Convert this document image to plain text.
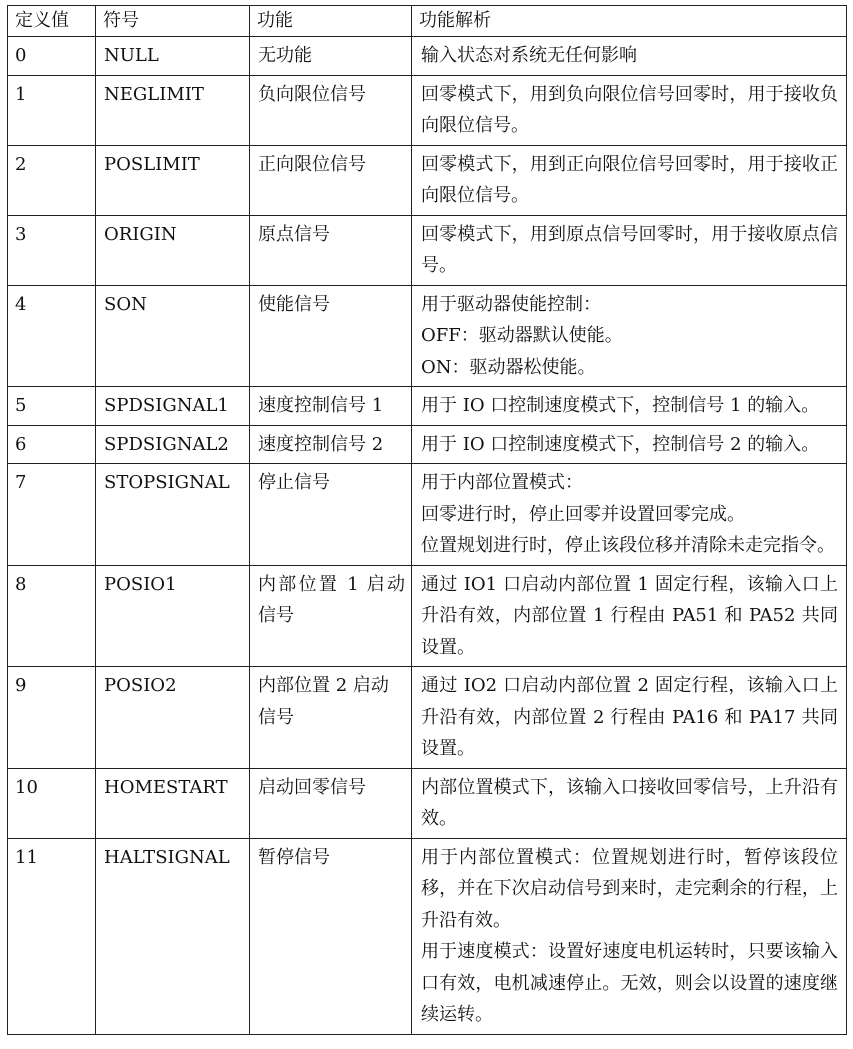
定义值	符号	功能	功能解析
0	NULL	无功能	输入状态对系统无任何影响

1	NEGLIMIT	负向限位信号	回零模式下，用到负向限位信号回零时，用于接收负向限位信号。

2	POSLIMIT	正向限位信号	回零模式下，用到正向限位信号回零时，用于接收正向限位信号。

3	ORIGIN	原点信号	回零模式下，用到原点信号回零时，用于接收原点信号。

4	SON	使能信号	用于驱动器使能控制：
OFF：驱动器默认使能。
ON：驱动器松使能。

5	SPDSIGNAL1	速度控制信号 1	用于 IO 口控制速度模式下，控制信号 1 的输入。

6	SPDSIGNAL2	速度控制信号 2	用于 IO 口控制速度模式下，控制信号 2 的输入。

7	STOPSIGNAL	停止信号	用于内部位置模式：
回零进行时，停止回零并设置回零完成。
位置规划进行时，停止该段位移并清除未走完指令。

8	POSIO1	内部位置 1 启动信号	通过 IO1 口启动内部位置 1 固定行程，该输入口上升沿有效，内部位置 1 行程由 PA51 和 PA52 共同设置。

9	POSIO2	内部位置 2 启动信号	通过 IO2 口启动内部位置 2 固定行程，该输入口上升沿有效，内部位置 2 行程由 PA16 和 PA17 共同设置。

10	HOMESTART	启动回零信号	内部位置模式下，该输入口接收回零信号，上升沿有效。

11	HALTSIGNAL	暂停信号	用于内部位置模式：位置规划进行时，暂停该段位移，并在下次启动信号到来时，走完剩余的行程，上升沿有效。
用于速度模式：设置好速度电机运转时，只要该输入口有效，电机减速停止。无效，则会以设置的速度继续运转。
